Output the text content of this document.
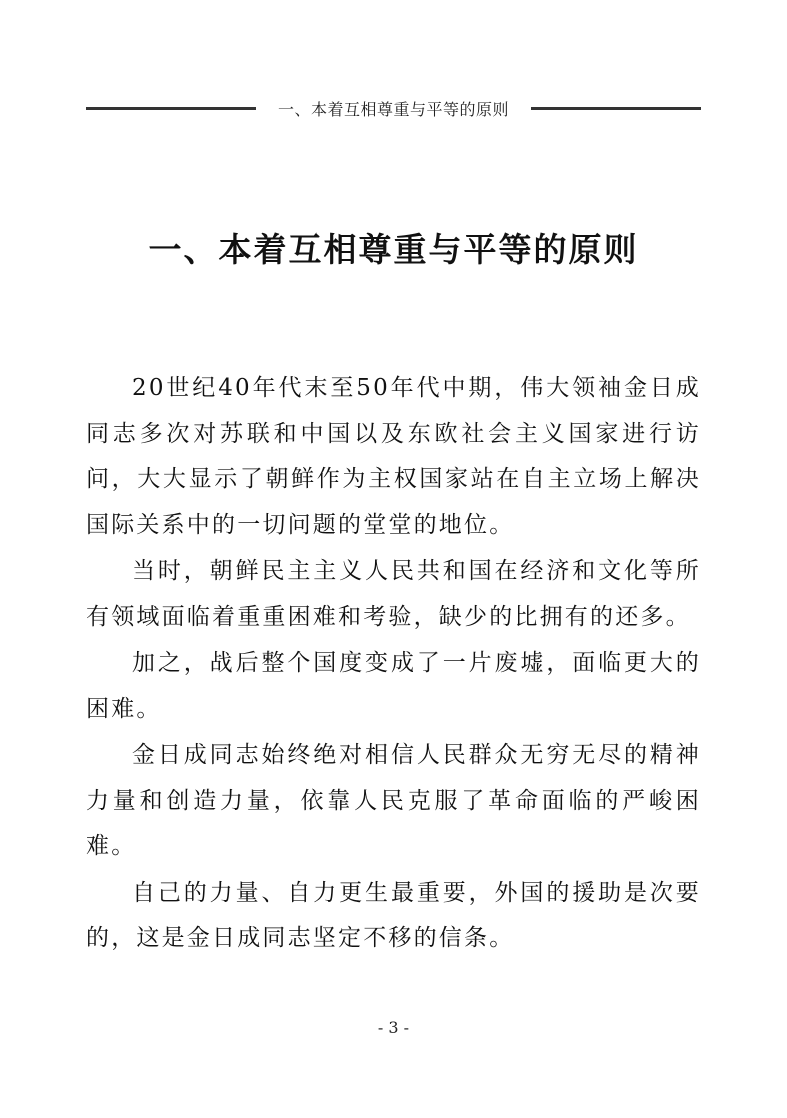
一、本着互相尊重与平等的原则
一、本着互相尊重与平等的原则

20世纪40年代末至50年代中期，伟大领袖金日成同志多次对苏联和中国以及东欧社会主义国家进行访问，大大显示了朝鲜作为主权国家站在自主立场上解决国际关系中的一切问题的堂堂的地位。

当时，朝鲜民主主义人民共和国在经济和文化等所有领域面临着重重困难和考验，缺少的比拥有的还多。

加之，战后整个国度变成了一片废墟，面临更大的困难。

金日成同志始终绝对相信人民群众无穷无尽的精神力量和创造力量，依靠人民克服了革命面临的严峻困难。

自己的力量、自力更生最重要，外国的援助是次要的，这是金日成同志坚定不移的信条。

- 3 -
